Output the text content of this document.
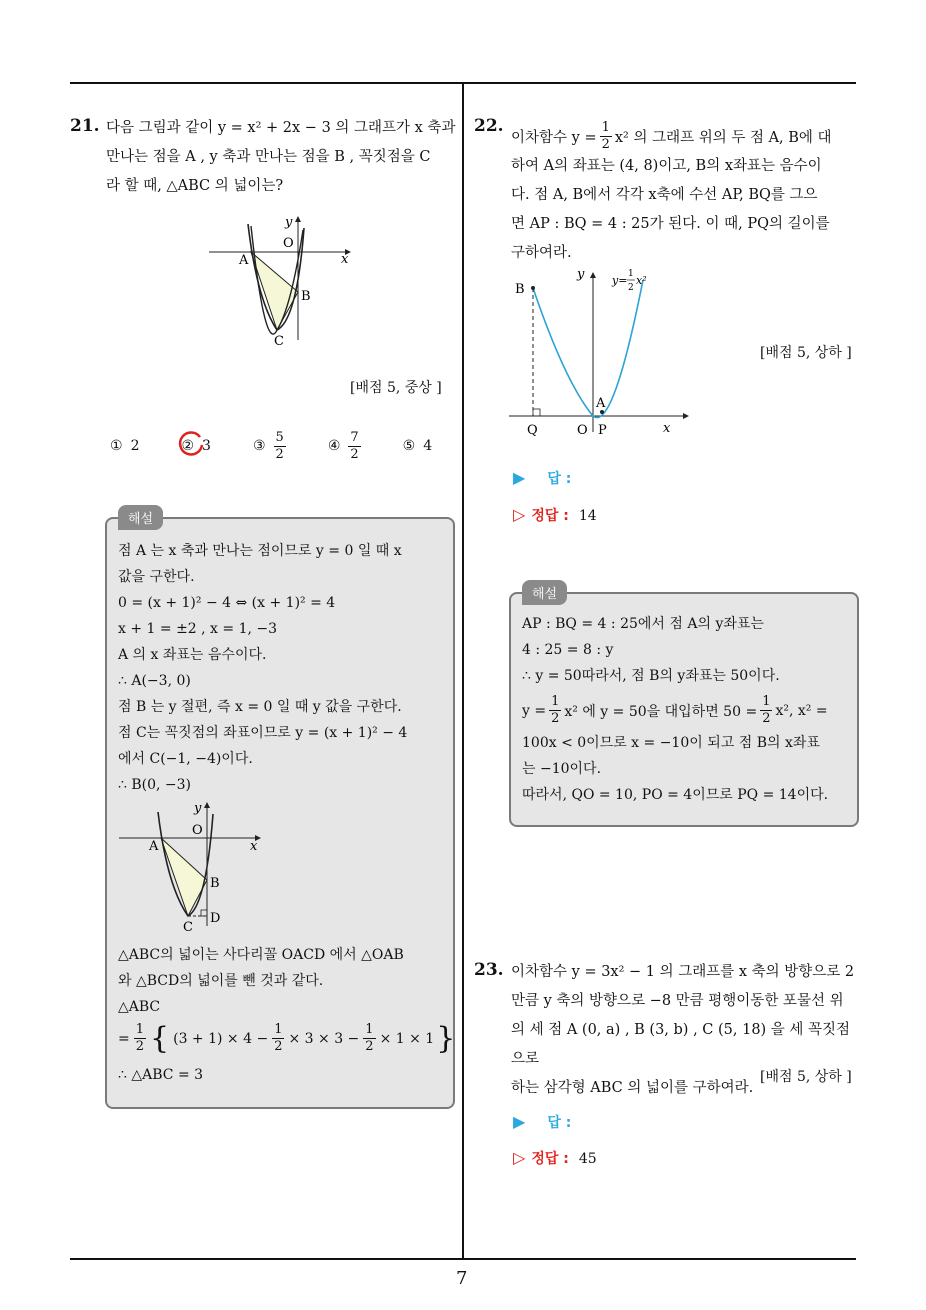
21. 다음 그림과 같이 y = x² + 2x − 3 의 그래프가 x 축과

만나는 점을 A , y 축과 만나는 점을 B , 꼭짓점을 C

라 할 때, △ABC 의 넓이는?

y
O
x
A
B
C
[배점 5, 중상 ]
① 2	② 3	③ $\frac{5}{2}$	④ $\frac{7}{2}$	⑤ 4
해설

점 A 는 x 축과 만나는 점이므로 y = 0 일 때 x

값을 구한다.

0 = (x + 1)² − 4 ⇔ (x + 1)² = 4

x + 1 = ±2 , x = 1, −3

A 의 x 좌표는 음수이다.

∴ A(−3, 0)

점 B 는 y 절편, 즉 x = 0 일 때 y 값을 구한다.

점 C는 꼭짓점의 좌표이므로 y = (x + 1)² − 4

에서 C(−1, −4)이다.

∴ B(0, −3)

y
O
x
A
B
C
D

△ABC의 넓이는 사다리꼴 OACD 에서 △OAB

와 △BCD의 넓이를 뺀 것과 같다.

△ABC

= $\frac{1}{2}$ { $(3 + 1) \times 4 - \frac{1}{2} \times 3 \times 3 - \frac{1}{2} \times 1 \times 1$ }
∴ △ABC = 3
22.
이차함수 $y = \frac{1}{2} x^2$ 의 그래프 위의 두 점 A, B에 대

하여 A의 좌표는 (4, 8)이고, B의 x좌표는 음수이

다. 점 A, B에서 각각 x축에 수선 AP, BQ를 그으

면 AP : BQ = 4 : 25가 된다. 이 때, PQ의 길이를

구하여라.

B
y	y= 1
2
x²
A
Q	O P	x
[배점 5, 상하 ]
▶ 답 :
▷ 정답 : 14
해설

AP : BQ = 4 : 25에서 점 A의 y좌표는

4 : 25 = 8 : y

∴ y = 50따라서, 점 B의 y좌표는 50이다.

$y = \frac{1}{2} x^2$ 에 y = 50을 대입하면 $50 = \frac{1}{2} x^2$, x² =

100x < 0이므로 x = −10이 되고 점 B의 x좌표

는 −10이다.

따라서, QO = 10, PO = 4이므로 PQ = 14이다.

23. 이차함수 y = 3x² − 1 의 그래프를 x 축의 방향으로 2

만큼 y 축의 방향으로 −8 만큼 평행이동한 포물선 위

의 세 점 A (0, a) , B (3, b) , C (5, 18) 을 세 꼭짓점으로

하는 삼각형 ABC 의 넓이를 구하여라.

[배점 5, 상하 ]
▶ 답 :
▷ 정답 : 45
7
